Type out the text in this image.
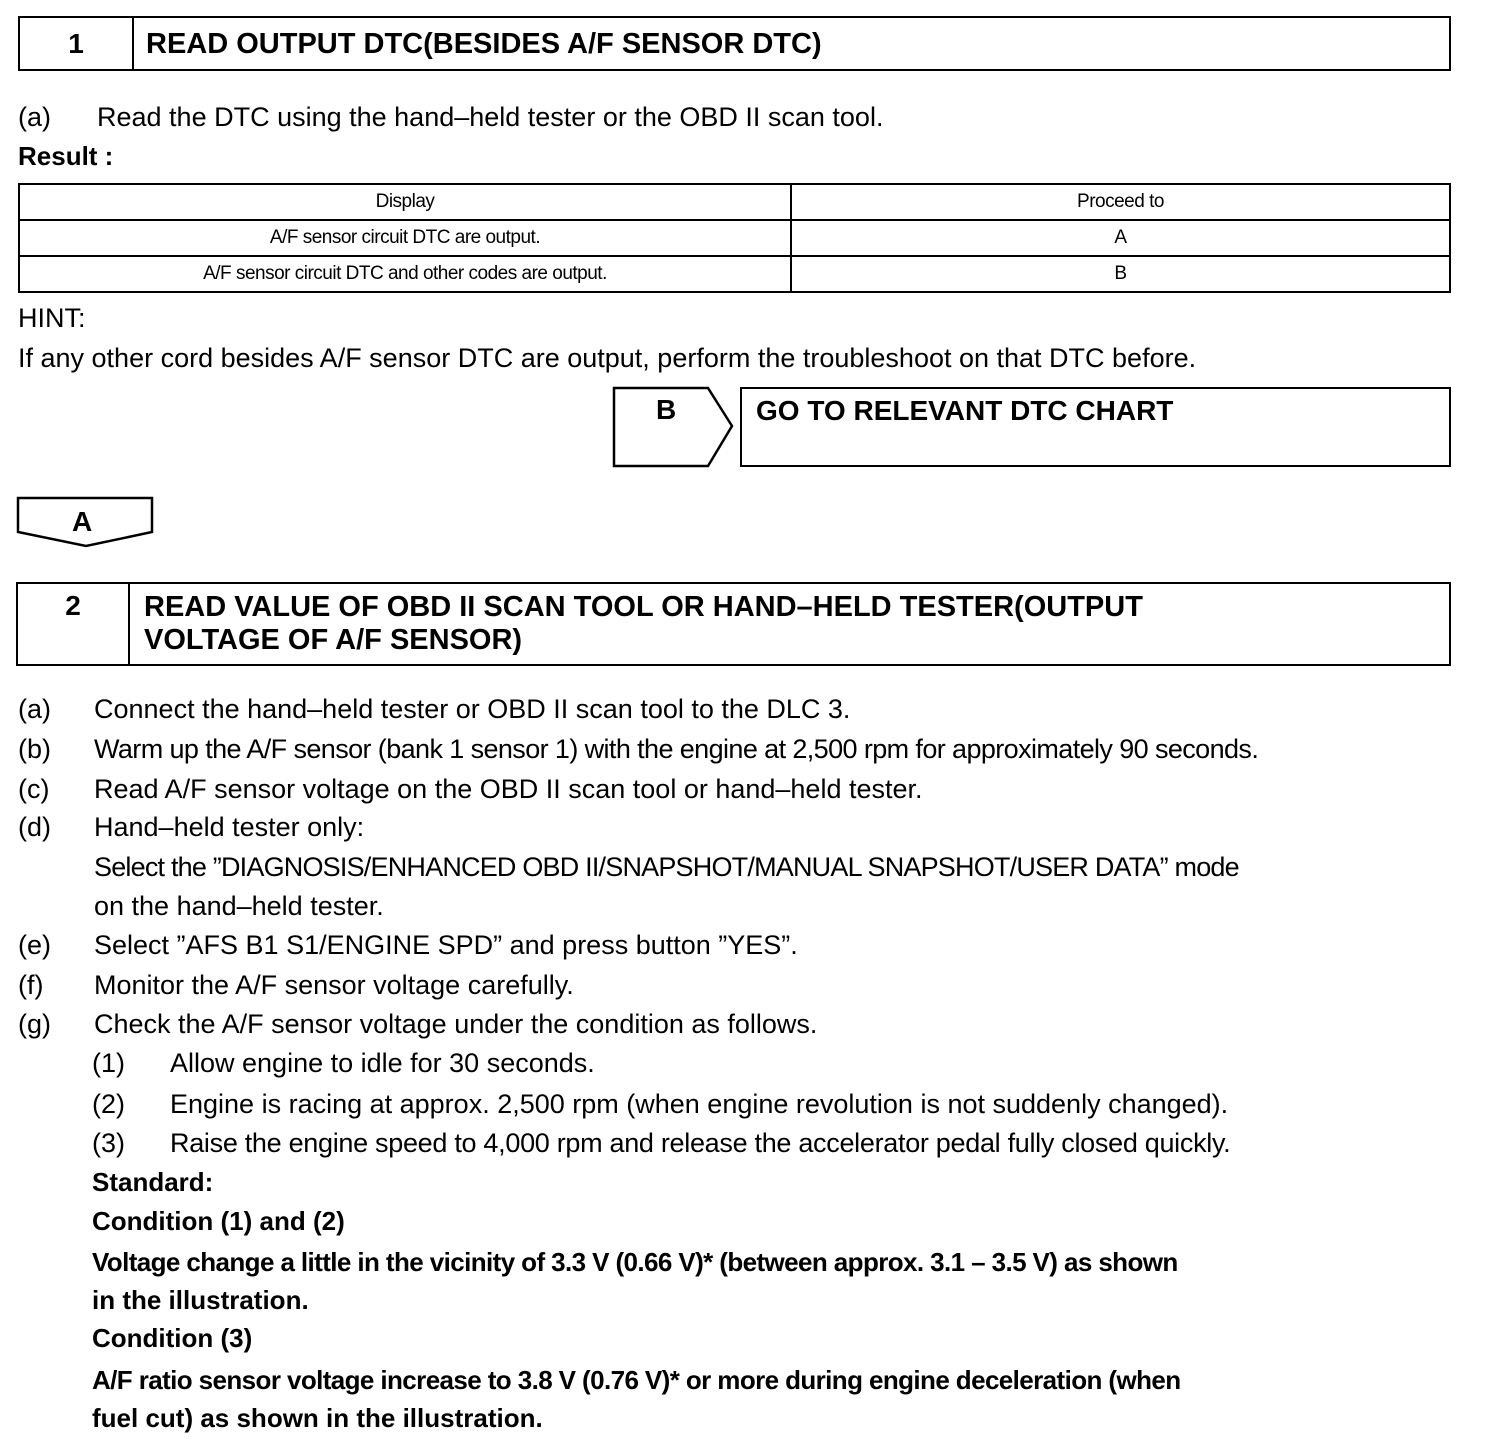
1	READ OUTPUT DTC(BESIDES A/F SENSOR DTC)
(a) Read the DTC using the hand–held tester or the OBD II scan tool.
Result :
Display	Proceed to
A/F sensor circuit DTC are output.	A
A/F sensor circuit DTC and other codes are output.	B
HINT:
If any other cord besides A/F sensor DTC are output, perform the troubleshoot on that DTC before.
B	GO TO RELEVANT DTC CHART
A
2	READ VALUE OF OBD II SCAN TOOL OR HAND–HELD TESTER(OUTPUT
VOLTAGE OF A/F SENSOR)
(a) Connect the hand–held tester or OBD II scan tool to the DLC 3.
(b) Warm up the A/F sensor (bank 1 sensor 1) with the engine at 2,500 rpm for approximately 90 seconds.
(c) Read A/F sensor voltage on the OBD II scan tool or hand–held tester.
(d) Hand–held tester only:
Select the ”DIAGNOSIS/ENHANCED OBD II/SNAPSHOT/MANUAL SNAPSHOT/USER DATA” mode
on the hand–held tester.
(e) Select ”AFS B1 S1/ENGINE SPD” and press button ”YES”.
(f) Monitor the A/F sensor voltage carefully.
(g) Check the A/F sensor voltage under the condition as follows.
(1) Allow engine to idle for 30 seconds.
(2) Engine is racing at approx. 2,500 rpm (when engine revolution is not suddenly changed).
(3) Raise the engine speed to 4,000 rpm and release the accelerator pedal fully closed quickly.
Standard:
Condition (1) and (2)
Voltage change a little in the vicinity of 3.3 V (0.66 V)* (between approx. 3.1 – 3.5 V) as shown
in the illustration.
Condition (3)
A/F ratio sensor voltage increase to 3.8 V (0.76 V)* or more during engine deceleration (when
fuel cut) as shown in the illustration.
